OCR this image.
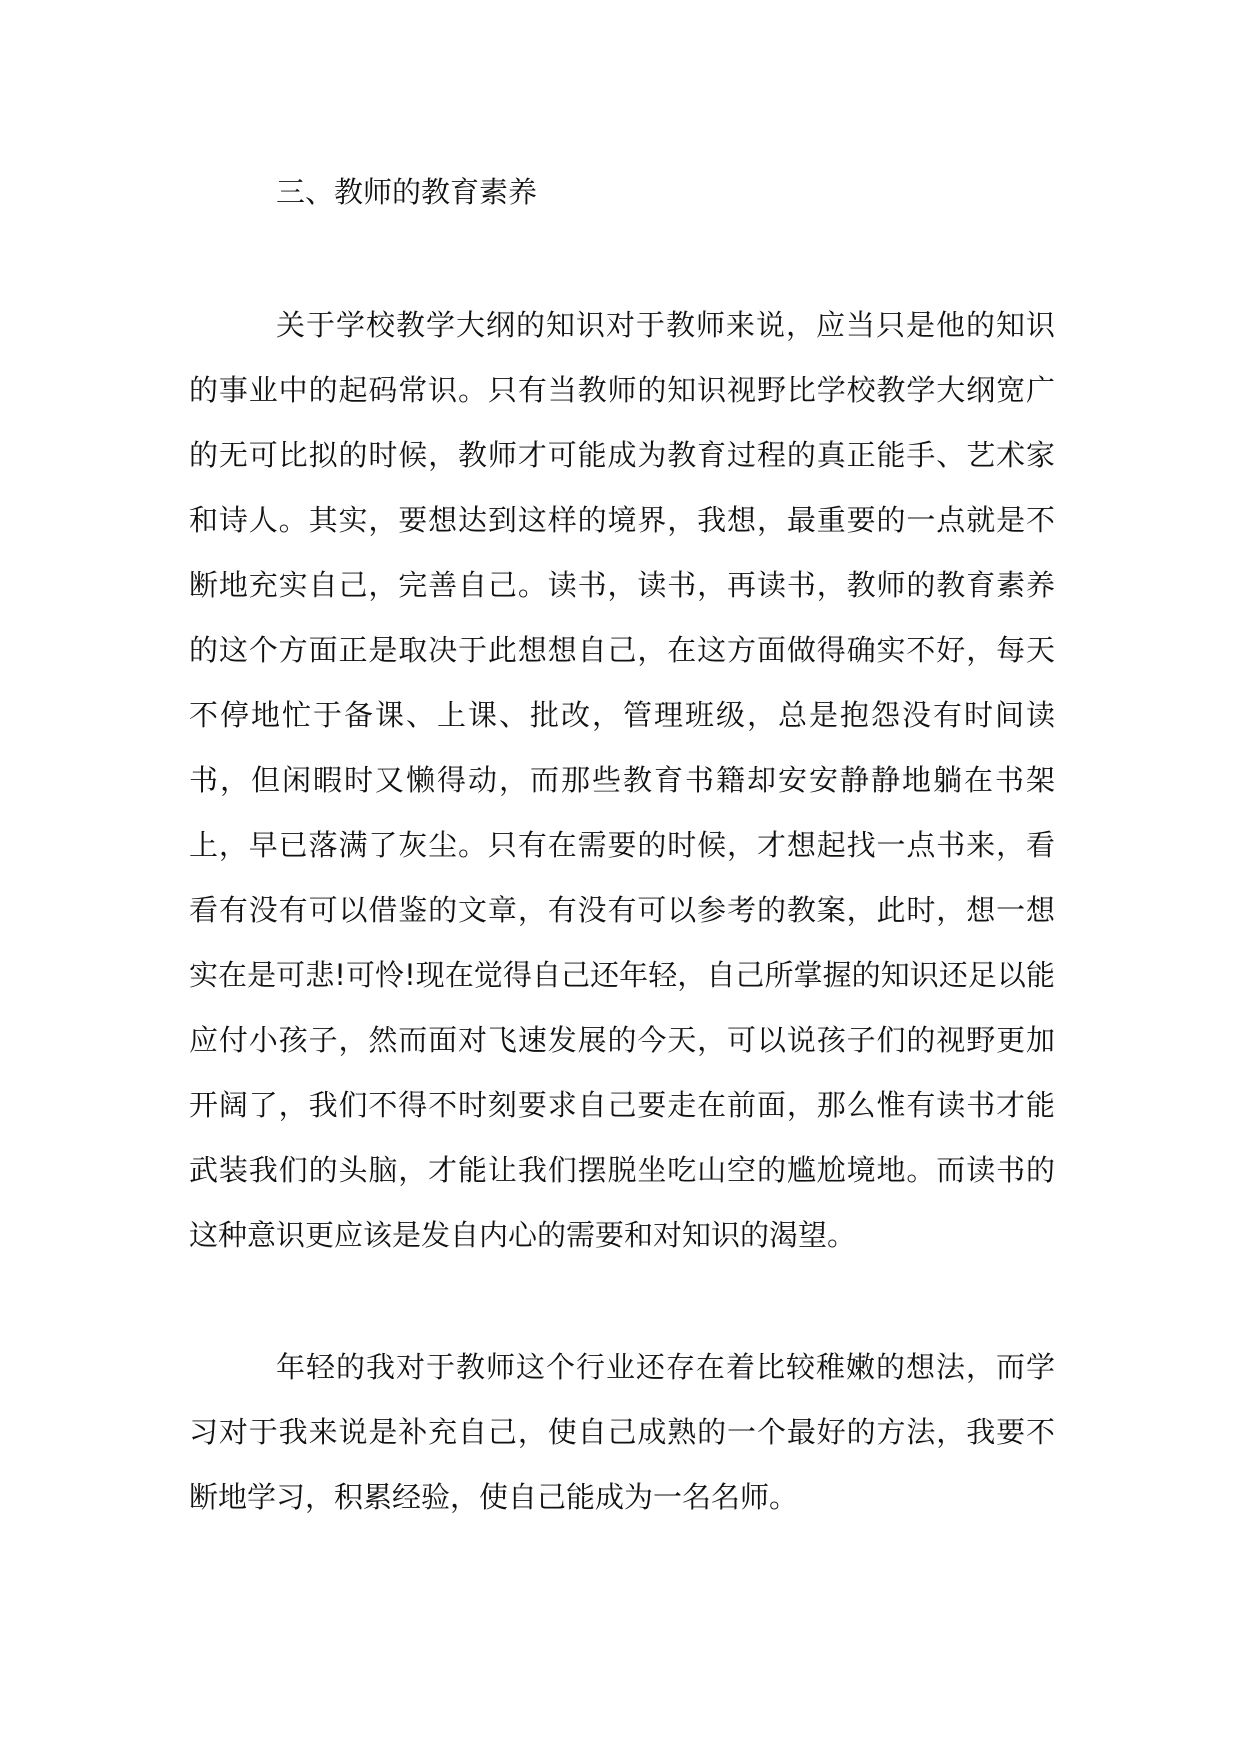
三、教师的教育素养

关于学校教学大纲的知识对于教师来说，应当只是他的知识的事业中的起码常识。只有当教师的知识视野比学校教学大纲宽广的无可比拟的时候，教师才可能成为教育过程的真正能手、艺术家和诗人。其实，要想达到这样的境界，我想，最重要的一点就是不断地充实自己，完善自己。读书，读书，再读书，教师的教育素养的这个方面正是取决于此想想自己，在这方面做得确实不好，每天不停地忙于备课、上课、批改，管理班级，总是抱怨没有时间读书，但闲暇时又懒得动，而那些教育书籍却安安静静地躺在书架上，早已落满了灰尘。只有在需要的时候，才想起找一点书来，看看有没有可以借鉴的文章，有没有可以参考的教案，此时，想一想实在是可悲!可怜!现在觉得自己还年轻，自己所掌握的知识还足以能应付小孩子，然而面对飞速发展的今天，可以说孩子们的视野更加开阔了，我们不得不时刻要求自己要走在前面，那么惟有读书才能武装我们的头脑，才能让我们摆脱坐吃山空的尴尬境地。而读书的这种意识更应该是发自内心的需要和对知识的渴望。

年轻的我对于教师这个行业还存在着比较稚嫩的想法，而学习对于我来说是补充自己，使自己成熟的一个最好的方法，我要不断地学习，积累经验，使自己能成为一名名师。
